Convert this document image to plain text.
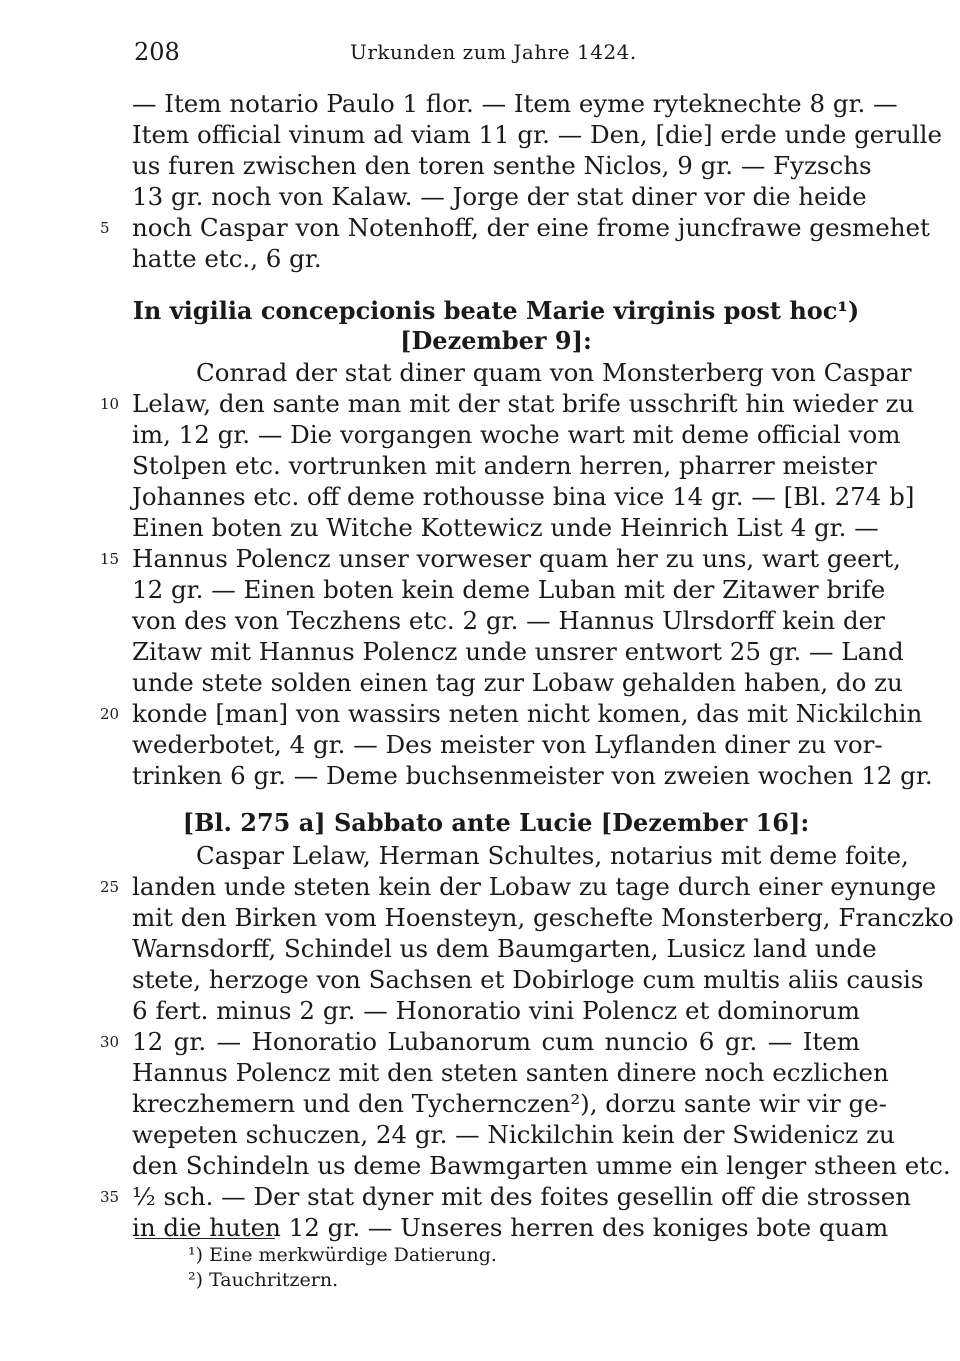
208	Urkunden zum Jahre 1424.
— Item notario Paulo 1 flor. — Item eyme ryteknechte 8 gr. —
Item official vinum ad viam 11 gr. — Den, [die] erde unde gerulle
us furen zwischen den toren senthe Niclos, 9 gr. — Fyzschs
13 gr. noch von Kalaw. — Jorge der stat diner vor die heide
noch Caspar von Notenhoff, der eine frome juncfrawe gesmehet
hatte etc., 6 gr.
In vigilia concepcionis beate Marie virginis post hoc¹)
[Dezember 9]:
Conrad der stat diner quam von Monsterberg von Caspar
Lelaw, den sante man mit der stat brife usschrift hin wieder zu
im, 12 gr. — Die vorgangen woche wart mit deme official vom
Stolpen etc. vortrunken mit andern herren, pharrer meister
Johannes etc. off deme rothousse bina vice 14 gr. — [Bl. 274 b]
Einen boten zu Witche Kottewicz unde Heinrich List 4 gr. —
Hannus Polencz unser vorweser quam her zu uns, wart geert,
12 gr. — Einen boten kein deme Luban mit der Zitawer brife
von des von Teczhens etc. 2 gr. — Hannus Ulrsdorff kein der
Zitaw mit Hannus Polencz unde unsrer entwort 25 gr. — Land
unde stete solden einen tag zur Lobaw gehalden haben, do zu
konde [man] von wassirs neten nicht komen, das mit Nickilchin
wederbotet, 4 gr. — Des meister von Lyflanden diner zu vor-
trinken 6 gr. — Deme buchsenmeister von zweien wochen 12 gr.
[Bl. 275 a] Sabbato ante Lucie [Dezember 16]:
Caspar Lelaw, Herman Schultes, notarius mit deme foite,
landen unde steten kein der Lobaw zu tage durch einer eynunge
mit den Birken vom Hoensteyn, geschefte Monsterberg, Franczko
Warnsdorff, Schindel us dem Baumgarten, Lusicz land unde
stete, herzoge von Sachsen et Dobirloge cum multis aliis causis
6 fert. minus 2 gr. — Honoratio vini Polencz et dominorum
12 gr. — Honoratio Lubanorum cum nuncio 6 gr. — Item
Hannus Polencz mit den steten santen dinere noch eczlichen
kreczhemern und den Tychernczen²), dorzu sante wir vir ge-
wepeten schuczen, 24 gr. — Nickilchin kein der Swidenicz zu
den Schindeln us deme Bawmgarten umme ein lenger stheen etc.
½ sch. — Der stat dyner mit des foites gesellin off die strossen
in die huten 12 gr. — Unseres herren des koniges bote quam
5
10
15
20
25
30
35
¹) Eine merkwürdige Datierung.
²) Tauchritzern.
